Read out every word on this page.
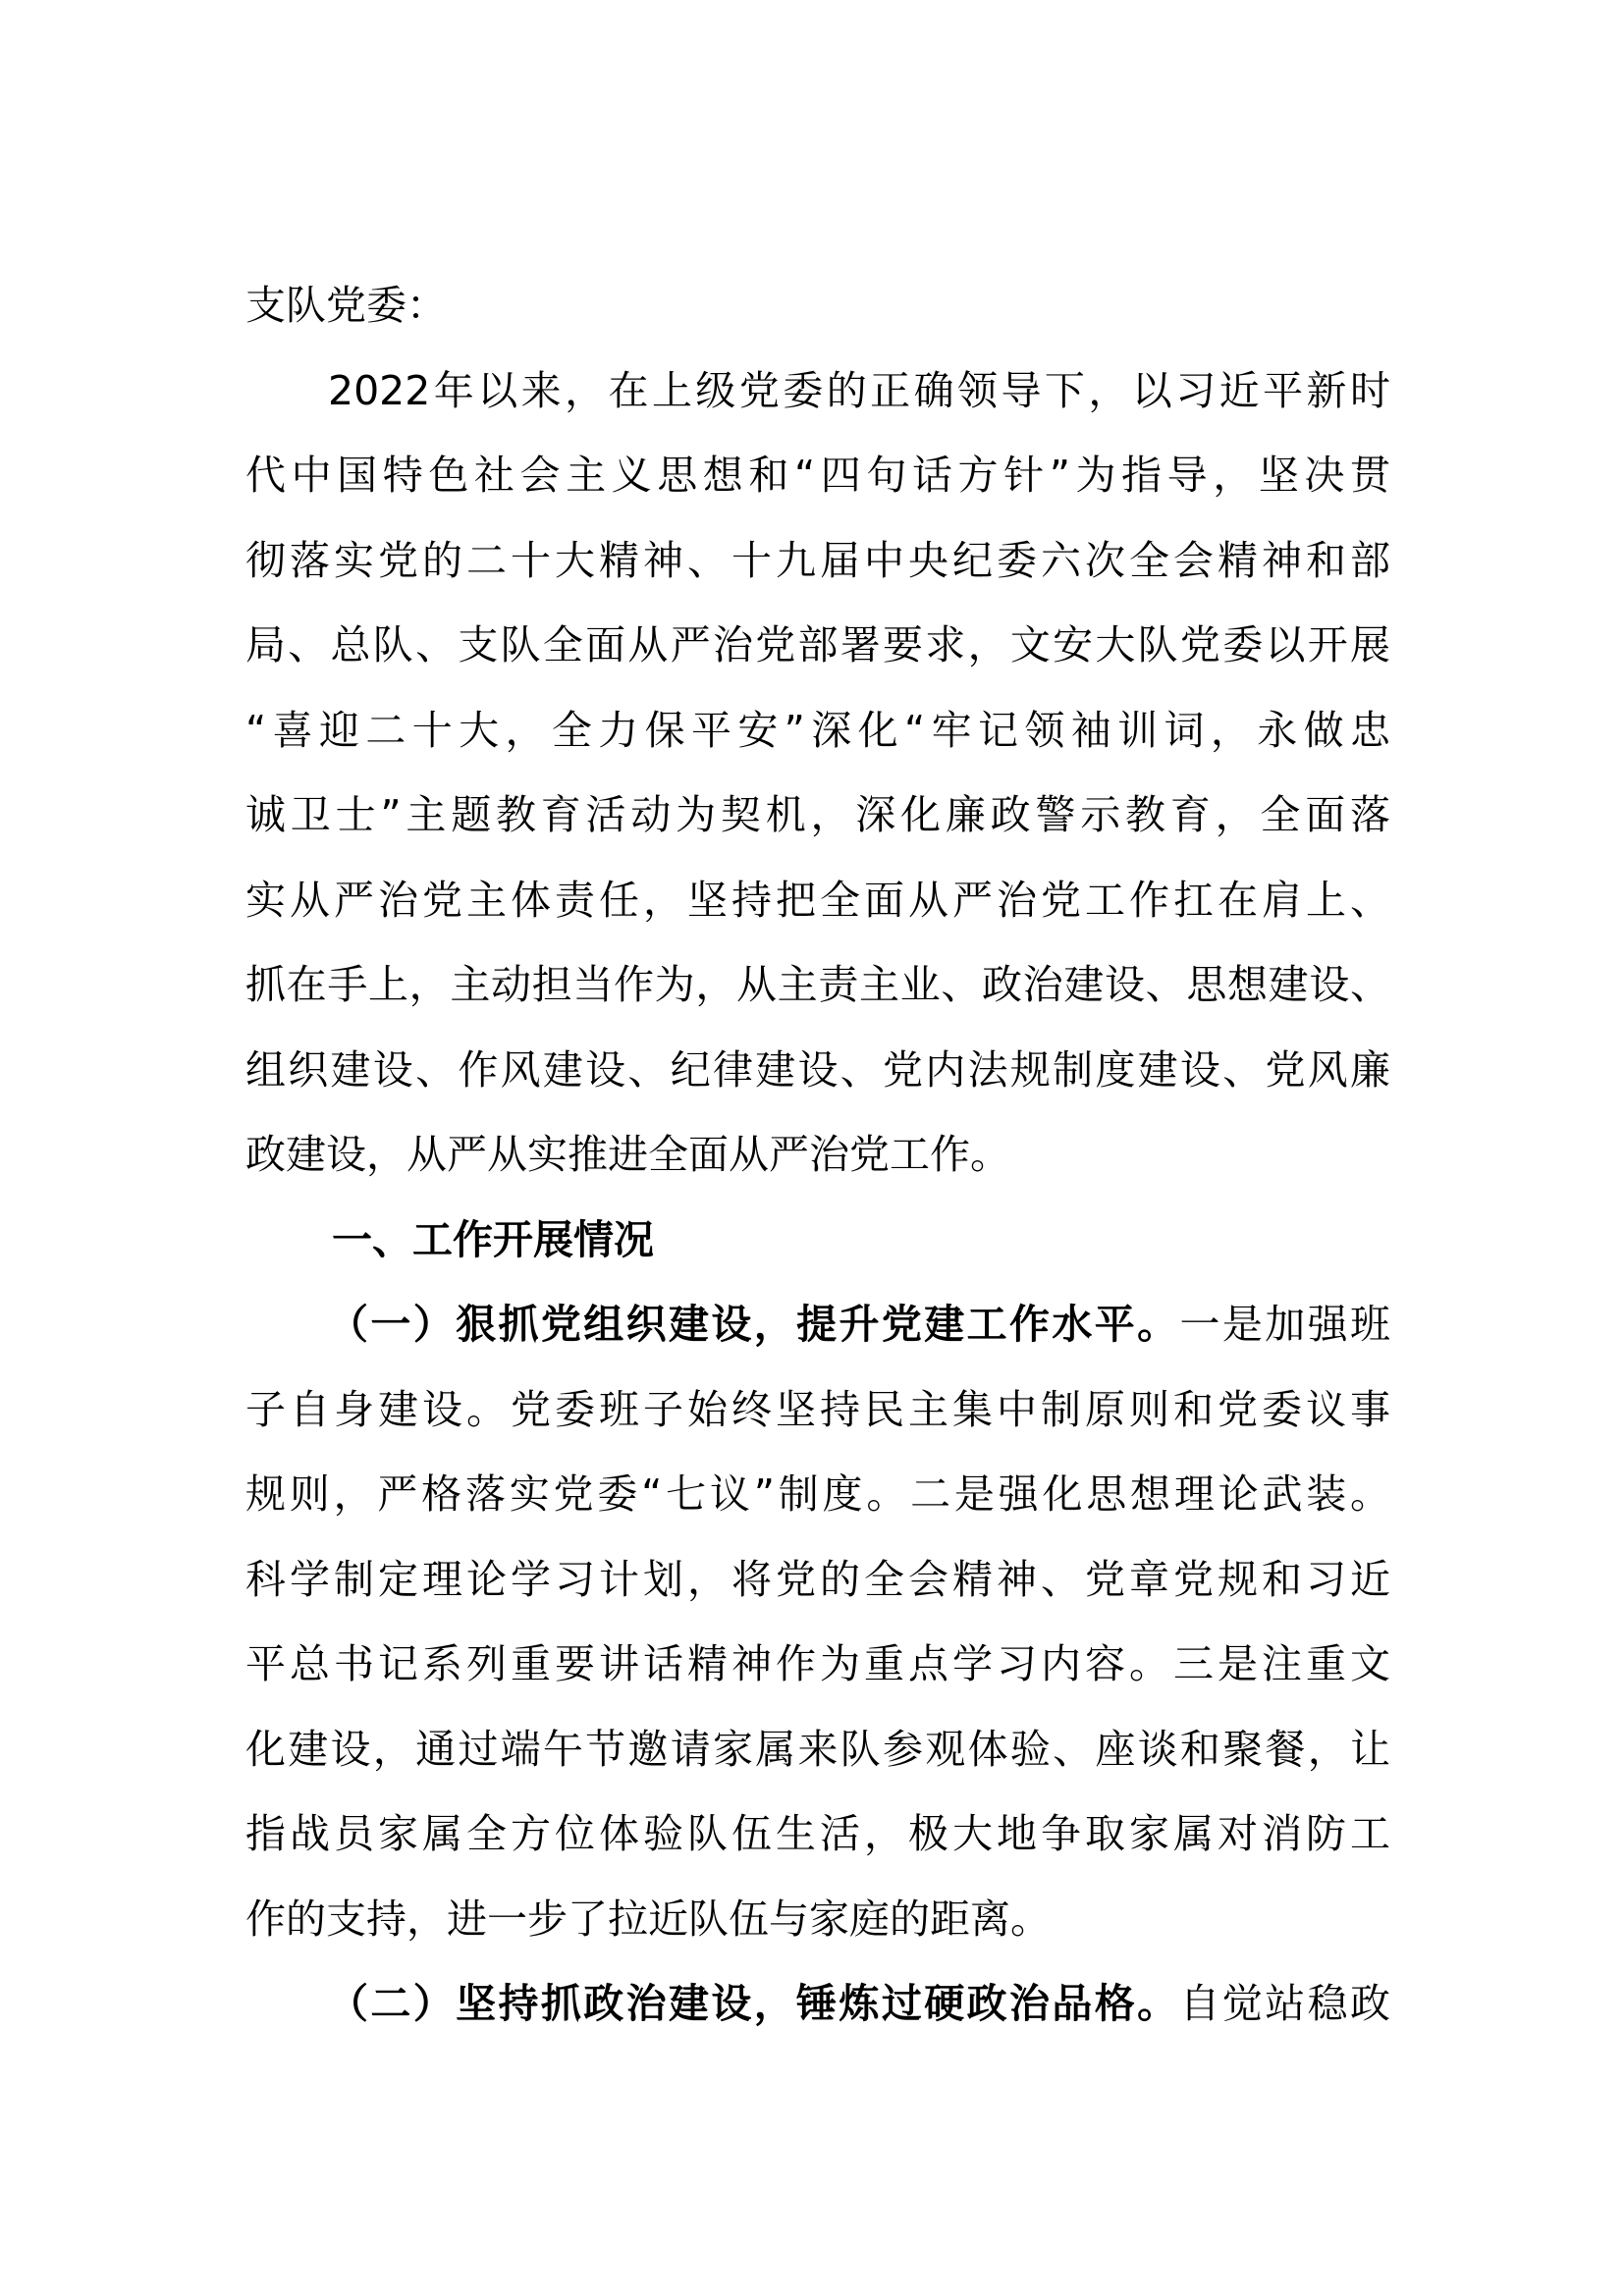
支队党委：
2022年以来，在上级党委的正确领导下，以习近平新时
代中国特色社会主义思想和“四句话方针”为指导，坚决贯
彻落实党的二十大精神、十九届中央纪委六次全会精神和部
局、总队、支队全面从严治党部署要求，文安大队党委以开展
“喜迎二十大，全力保平安”深化“牢记领袖训词，永做忠
诚卫士”主题教育活动为契机，深化廉政警示教育，全面落
实从严治党主体责任，坚持把全面从严治党工作扛在肩上、
抓在手上，主动担当作为，从主责主业、政治建设、思想建设、
组织建设、作风建设、纪律建设、党内法规制度建设、党风廉
政建设，从严从实推进全面从严治党工作。
一、工作开展情况
（一）狠抓党组织建设，提升党建工作水平。一是加强班
子自身建设。党委班子始终坚持民主集中制原则和党委议事
规则，严格落实党委“七议”制度。二是强化思想理论武装。
科学制定理论学习计划，将党的全会精神、党章党规和习近
平总书记系列重要讲话精神作为重点学习内容。三是注重文
化建设，通过端午节邀请家属来队参观体验、座谈和聚餐，让
指战员家属全方位体验队伍生活，极大地争取家属对消防工
作的支持，进一步了拉近队伍与家庭的距离。
（二）坚持抓政治建设，锤炼过硬政治品格。自觉站稳政
